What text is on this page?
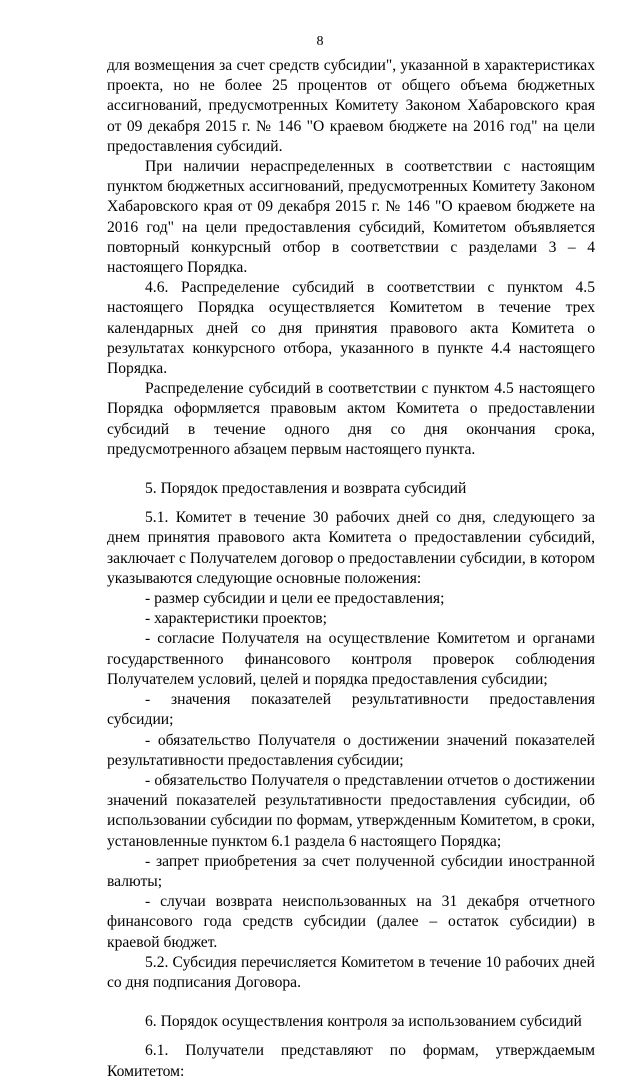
8

для возмещения за счет средств субсидии", указанной в характеристиках проекта, но не более 25 процентов от общего объема бюджетных ассигнований, предусмотренных Комитету Законом Хабаровского края от 09 декабря 2015 г. № 146 "О краевом бюджете на 2016 год" на цели предоставления субсидий.

При наличии нераспределенных в соответствии с настоящим пунктом бюджетных ассигнований, предусмотренных Комитету Законом Хабаровского края от 09 декабря 2015 г. № 146 "О краевом бюджете на 2016 год" на цели предоставления субсидий, Комитетом объявляется повторный конкурсный отбор в соответствии с разделами 3 – 4 настоящего Порядка.

4.6. Распределение субсидий в соответствии с пунктом 4.5 настоящего Порядка осуществляется Комитетом в течение трех календарных дней со дня принятия правового акта Комитета о результатах конкурсного отбора, указанного в пункте 4.4 настоящего Порядка.

Распределение субсидий в соответствии с пунктом 4.5 настоящего Порядка оформляется правовым актом Комитета о предоставлении субсидий в течение одного дня со дня окончания срока, предусмотренного абзацем первым настоящего пункта.

5. Порядок предоставления и возврата субсидий

5.1. Комитет в течение 30 рабочих дней со дня, следующего за днем принятия правового акта Комитета о предоставлении субсидий, заключает с Получателем договор о предоставлении субсидии, в котором указываются следующие основные положения:

- размер субсидии и цели ее предоставления;

- характеристики проектов;

- согласие Получателя на осуществление Комитетом и органами государственного финансового контроля проверок соблюдения Получателем условий, целей и порядка предоставления субсидии;

- значения показателей результативности предоставления субсидии;

- обязательство Получателя о достижении значений показателей результативности предоставления субсидии;

- обязательство Получателя о представлении отчетов о достижении значений показателей результативности предоставления субсидии, об использовании субсидии по формам, утвержденным Комитетом, в сроки, установленные пунктом 6.1 раздела 6 настоящего Порядка;

- запрет приобретения за счет полученной субсидии иностранной валюты;

- случаи возврата неиспользованных на 31 декабря отчетного финансового года средств субсидии (далее – остаток субсидии) в краевой бюджет.

5.2. Субсидия перечисляется Комитетом в течение 10 рабочих дней со дня подписания Договора.

6. Порядок осуществления контроля за использованием субсидий

6.1. Получатели представляют по формам, утверждаемым Комитетом:
